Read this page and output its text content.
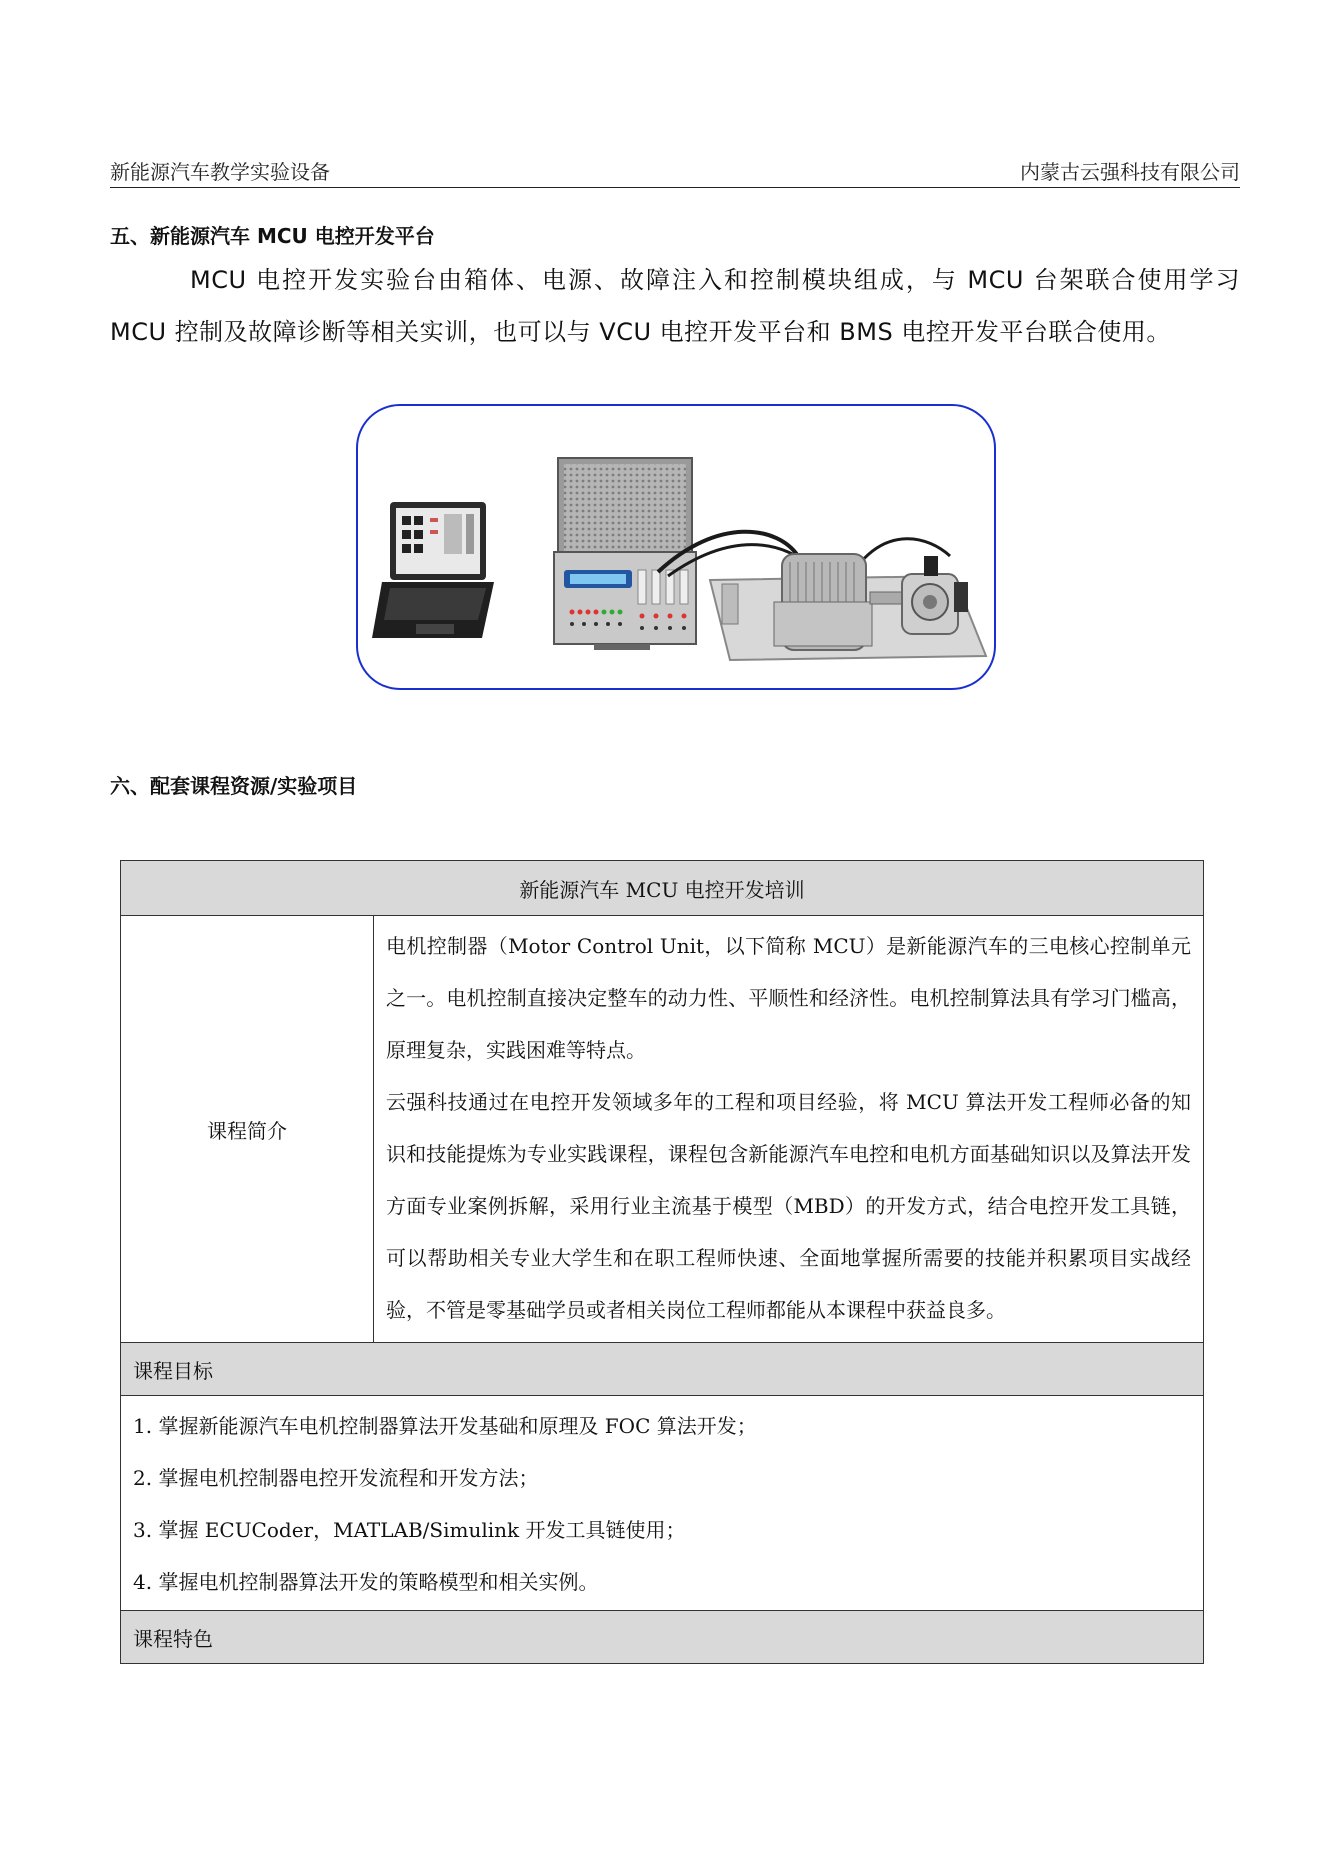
新能源汽车教学实验设备	内蒙古云强科技有限公司
五、新能源汽车 MCU 电控开发平台
MCU 电控开发实验台由箱体、电源、故障注入和控制模块组成，与 MCU 台架联合使用学习 MCU 控制及故障诊断等相关实训，也可以与 VCU 电控开发平台和 BMS 电控开发平台联合使用。
六、配套课程资源/实验项目
新能源汽车 MCU 电控开发培训
课程简介	

电机控制器（Motor Control Unit，以下简称 MCU）是新能源汽车的三电核心控制单元之一。电机控制直接决定整车的动力性、平顺性和经济性。电机控制算法具有学习门槛高，原理复杂，实践困难等特点。

云强科技通过在电控开发领域多年的工程和项目经验，将 MCU 算法开发工程师必备的知识和技能提炼为专业实践课程，课程包含新能源汽车电控和电机方面基础知识以及算法开发方面专业案例拆解，采用行业主流基于模型（MBD）的开发方式，结合电控开发工具链，可以帮助相关专业大学生和在职工程师快速、全面地掌握所需要的技能并积累项目实战经验，不管是零基础学员或者相关岗位工程师都能从本课程中获益良多。

课程目标

1. 掌握新能源汽车电机控制器算法开发基础和原理及 FOC 算法开发；
2. 掌握电机控制器电控开发流程和开发方法；
3. 掌握 ECUCoder，MATLAB/Simulink 开发工具链使用；
4. 掌握电机控制器算法开发的策略模型和相关实例。

课程特色
